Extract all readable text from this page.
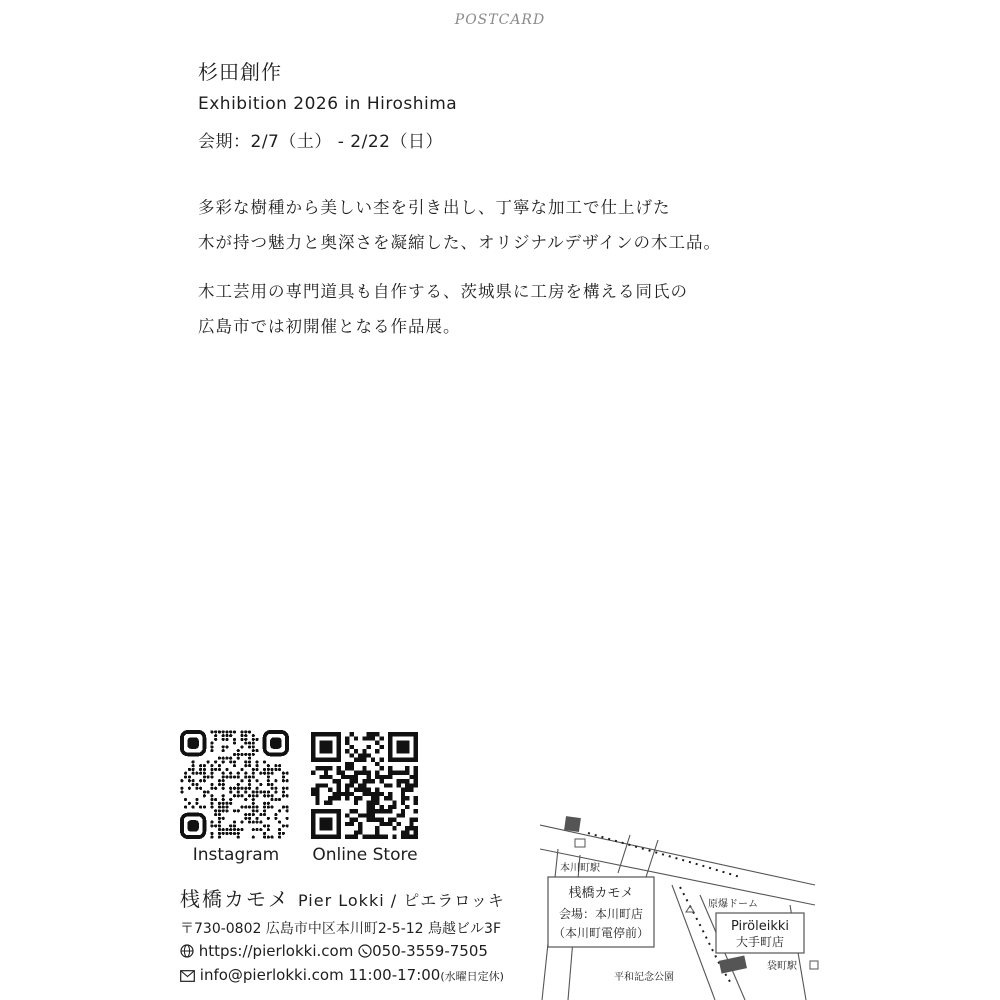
POSTCARD
杉田創作
Exhibition 2026 in Hiroshima
会期：2/7（土） - 2/22（日）
多彩な樹種から美しい杢を引き出し、丁寧な加工で仕上げた
木が持つ魅力と奥深さを凝縮した、オリジナルデザインの木工品。
木工芸用の専門道具も自作する、茨城県に工房を構える同氏の
広島市では初開催となる作品展。
Instagram	Online Store
桟橋カモメ Pier Lokki / ピエラロッキ
〒730-0802 広島市中区本川町2-5-12 鳥越ビル3F
https://pierlokki.com 050-3559-7505
info@pierlokki.com 11:00-17:00(水曜日定休)
本川町駅
桟橋カモメ
会場：本川町店
（本川町電停前）
原爆ドーム
Piröleikki
大手町店
袋町駅
平和記念公園
